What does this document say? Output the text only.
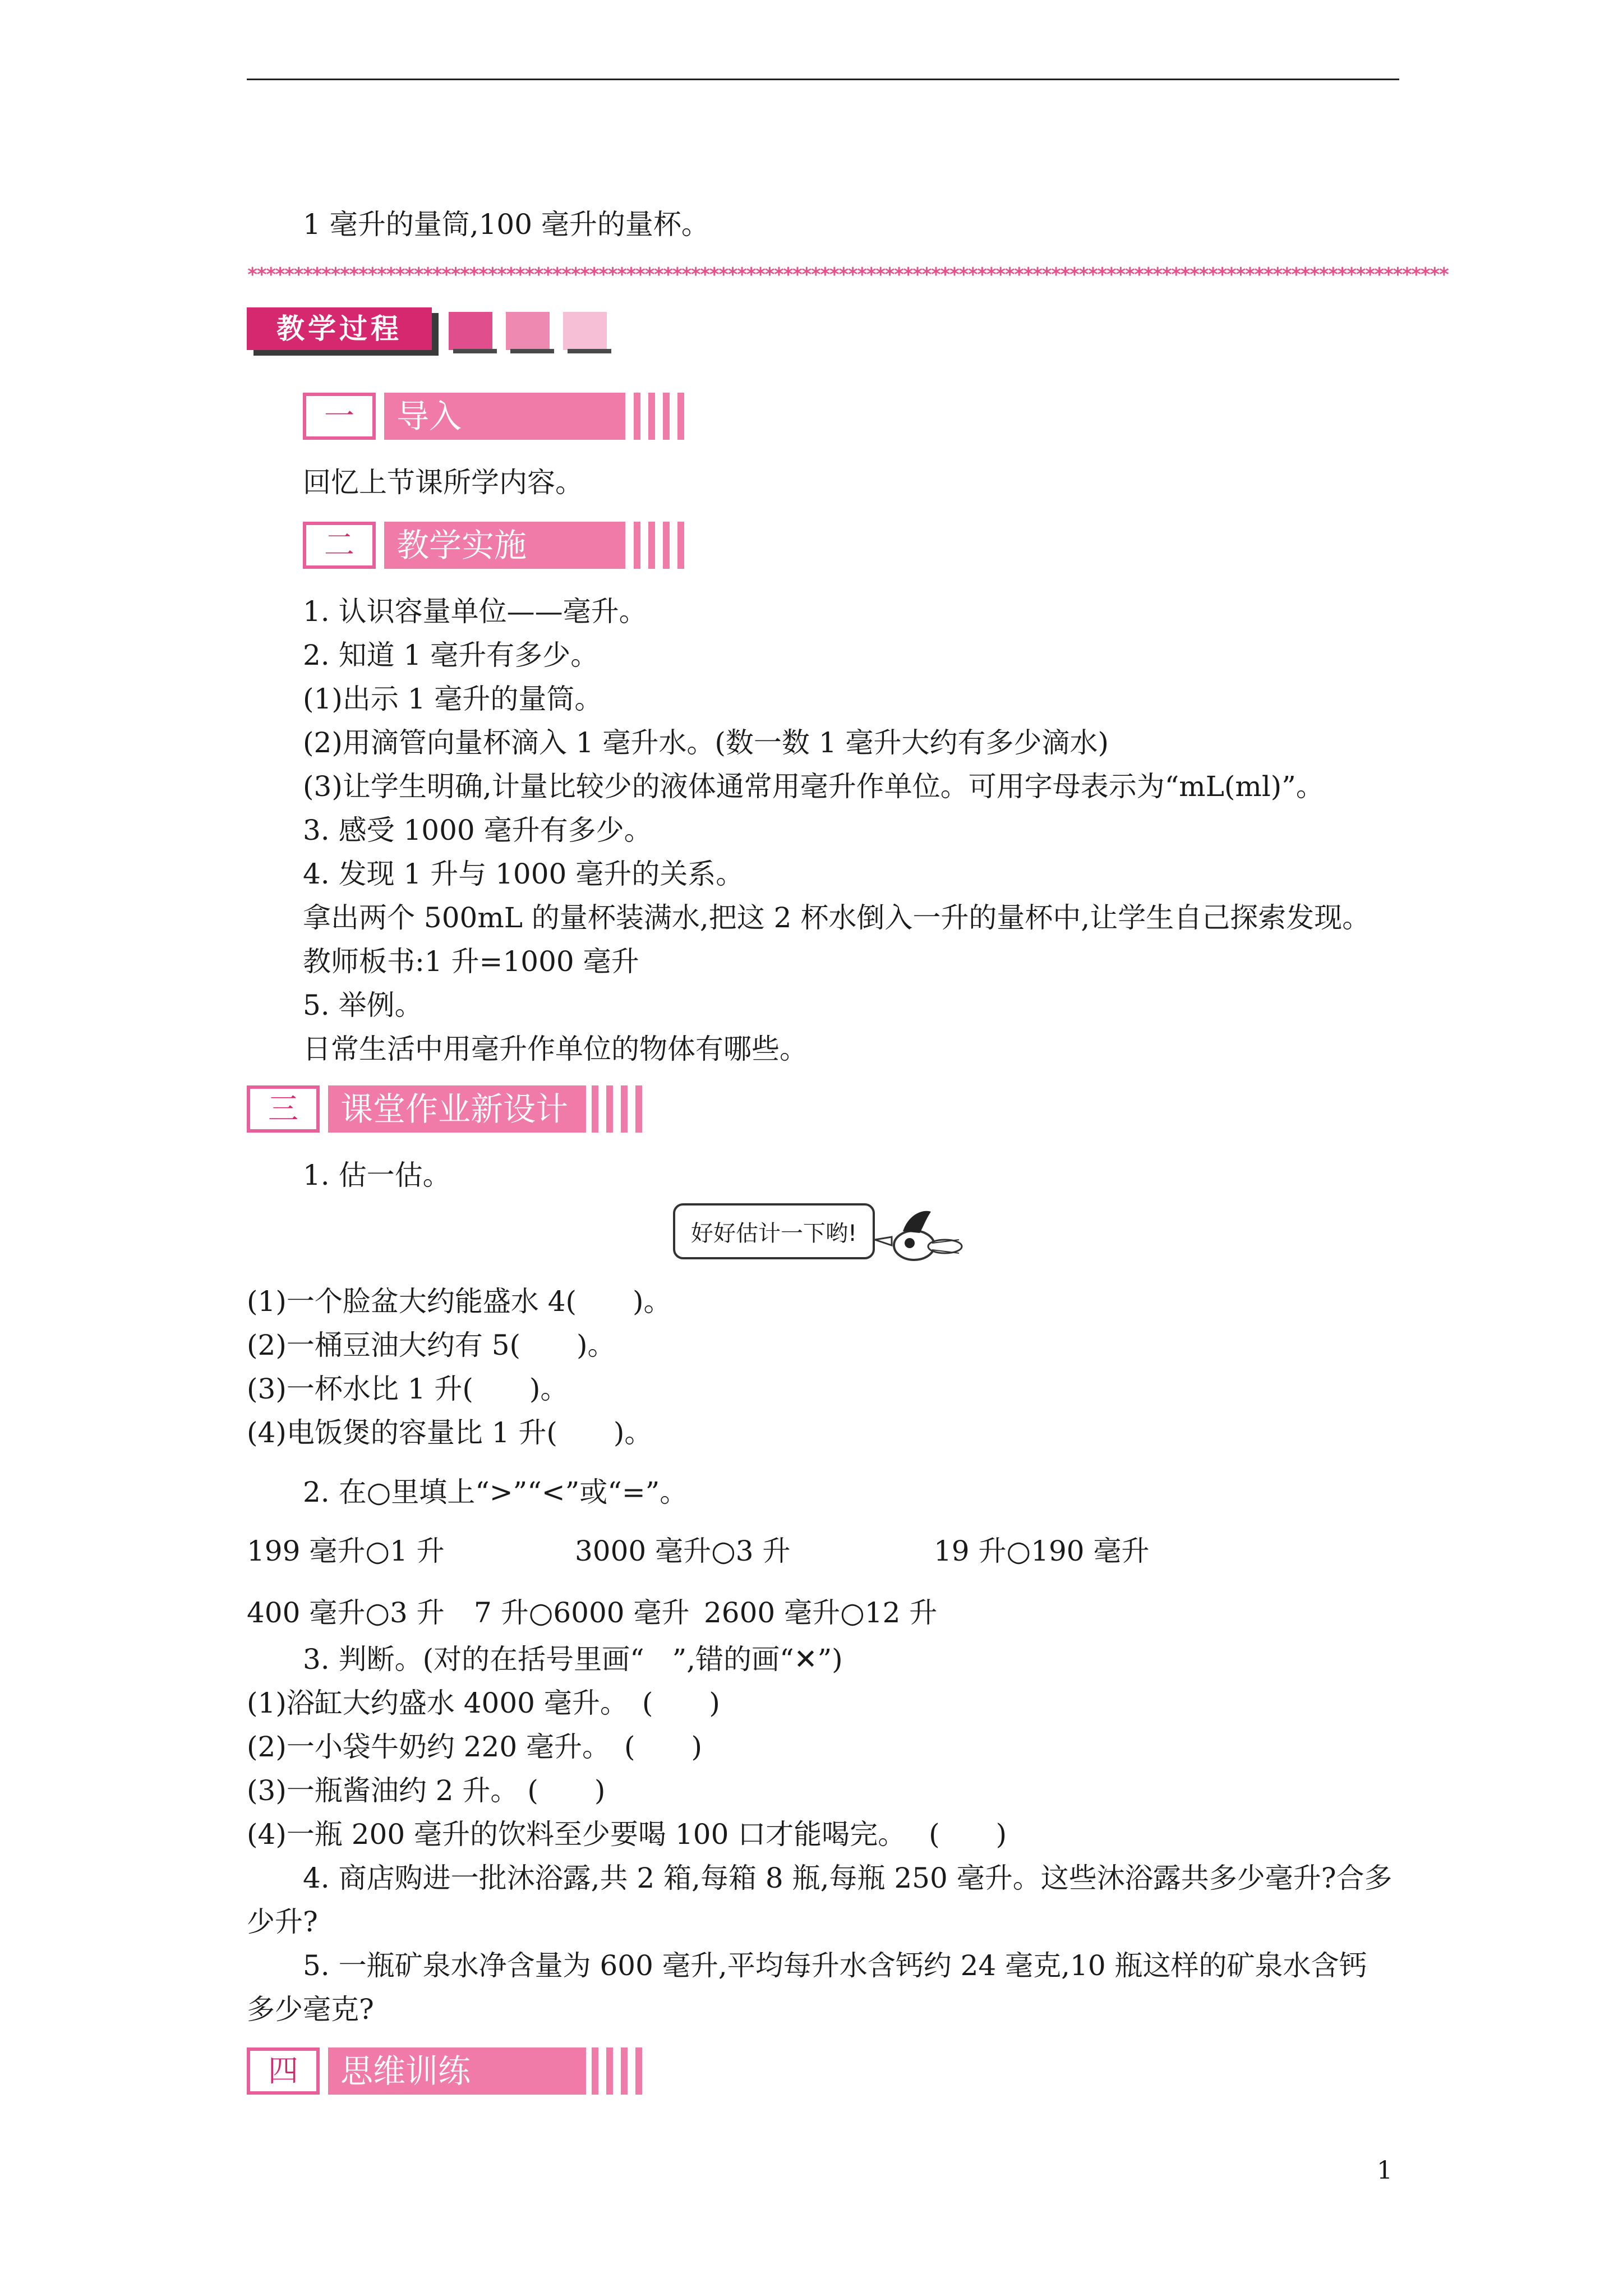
1 毫升的量筒,100 毫升的量杯。
**********************************************************************************************************************************
教学过程
一	导入
回忆上节课所学内容。
二	教学实施
1. 认识容量单位——毫升。
2. 知道 1 毫升有多少。
(1)出示 1 毫升的量筒。
(2)用滴管向量杯滴入 1 毫升水。(数一数 1 毫升大约有多少滴水)
(3)让学生明确,计量比较少的液体通常用毫升作单位。可用字母表示为“mL(ml)”。
3. 感受 1000 毫升有多少。
4. 发现 1 升与 1000 毫升的关系。
拿出两个 500mL 的量杯装满水,把这 2 杯水倒入一升的量杯中,让学生自己探索发现。
教师板书:1 升=1000 毫升
5. 举例。
日常生活中用毫升作单位的物体有哪些。
三	课堂作业新设计
1. 估一估。
好好估计一下哟!
(1)一个脸盆大约能盛水 4(　　)。
(2)一桶豆油大约有 5(　　)。
(3)一杯水比 1 升(　　)。
(4)电饭煲的容量比 1 升(　　)。
2. 在○里填上“>”“<”或“=”。
199 毫升○1 升	3000 毫升○3 升	19 升○190 毫升
400 毫升○3 升 7 升○6000 毫升 2600 毫升○12 升
3. 判断。(对的在括号里画“　”,错的画“✕”)
(1)浴缸大约盛水 4000 毫升。　(　　)
(2)一小袋牛奶约 220 毫升。　(　　)
(3)一瓶酱油约 2 升。 (　　)
(4)一瓶 200 毫升的饮料至少要喝 100 口才能喝完。　 (　　)
4. 商店购进一批沐浴露,共 2 箱,每箱 8 瓶,每瓶 250 毫升。这些沐浴露共多少毫升?合多
少升?
5. 一瓶矿泉水净含量为 600 毫升,平均每升水含钙约 24 毫克,10 瓶这样的矿泉水含钙
多少毫克?
四	思维训练
1
